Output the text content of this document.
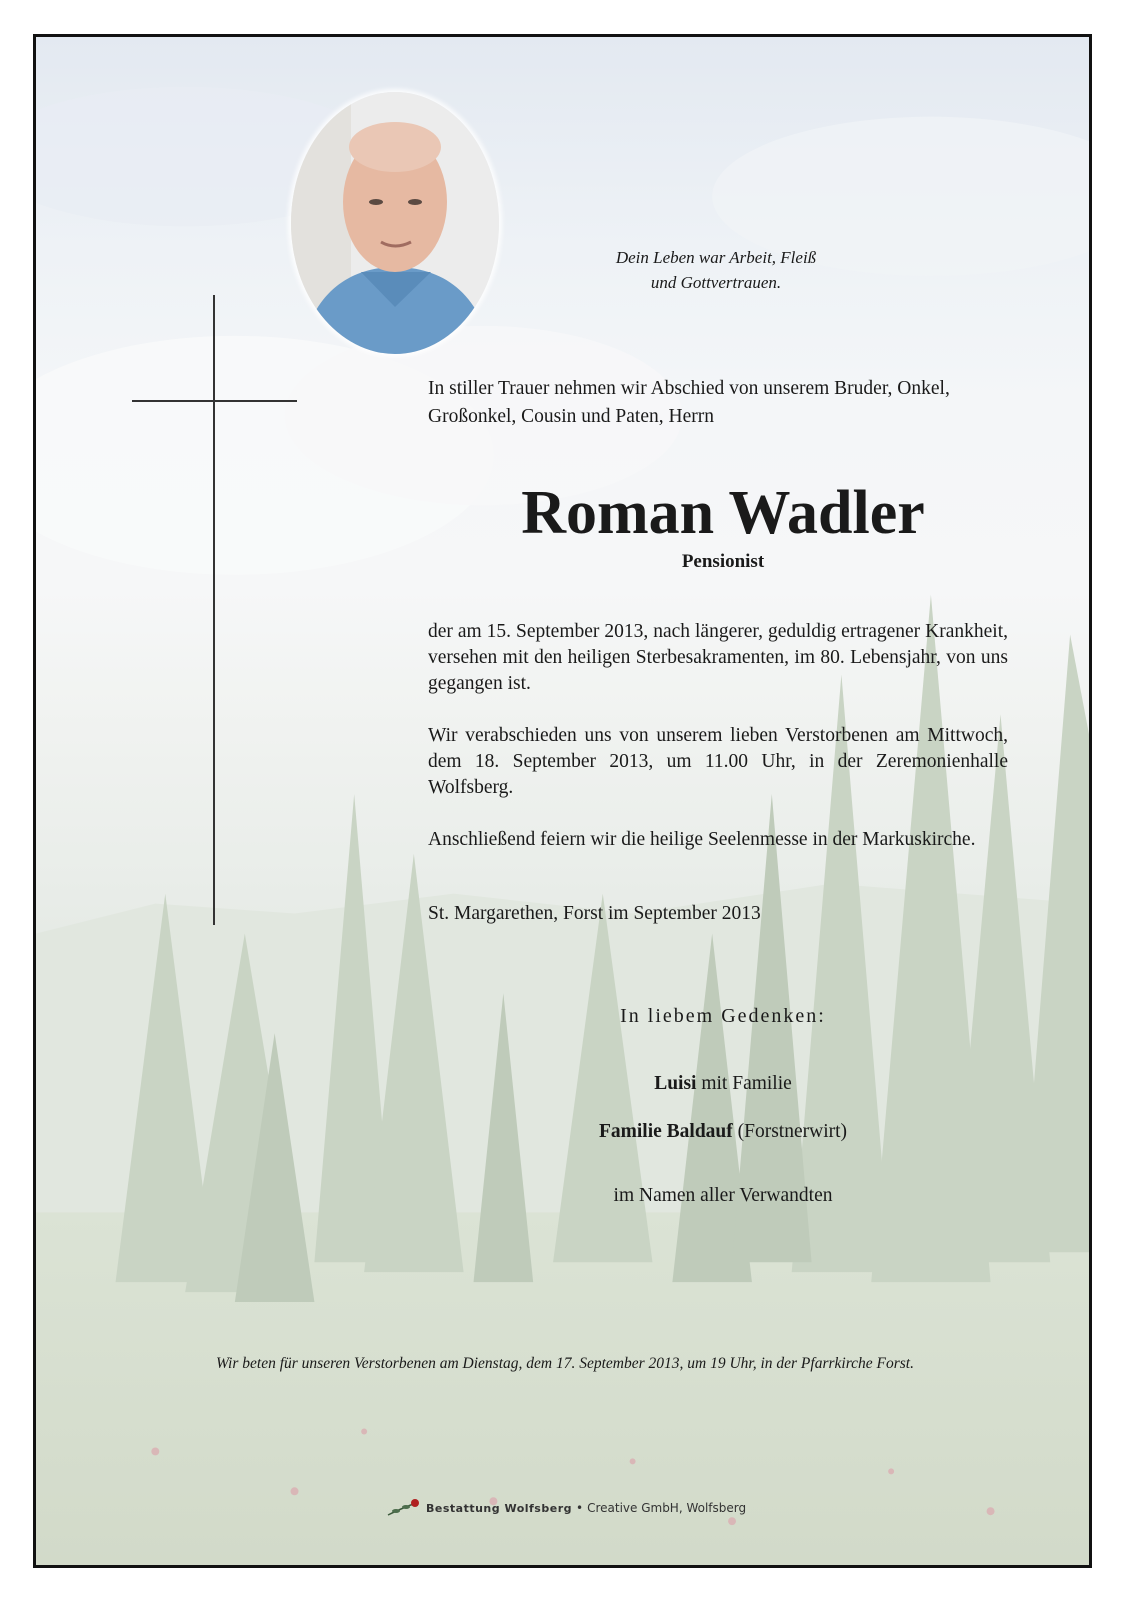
Dein Leben war Arbeit, Fleiß
und Gottvertrauen.
In stiller Trauer nehmen wir Abschied von unserem Bruder, Onkel,
Großonkel, Cousin und Paten, Herrn
Roman Wadler
Pensionist
der am 15. September 2013, nach längerer, geduldig ertragener Krankheit, versehen mit den heiligen Sterbesakramenten, im 80. Lebensjahr, von uns gegangen ist.
Wir verabschieden uns von unserem lieben Verstorbenen am Mittwoch, dem 18. September 2013, um 11.00 Uhr, in der Zeremonienhalle Wolfsberg.
Anschließend feiern wir die heilige Seelenmesse in der Markuskirche.
St. Margarethen, Forst im September 2013
In liebem Gedenken:
Luisi mit Familie
Familie Baldauf (Forstnerwirt)
im Namen aller Verwandten
Wir beten für unseren Verstorbenen am Dienstag, dem 17. September 2013, um 19 Uhr, in der Pfarrkirche Forst.
Bestattung Wolfsberg • Creative GmbH, Wolfsberg
